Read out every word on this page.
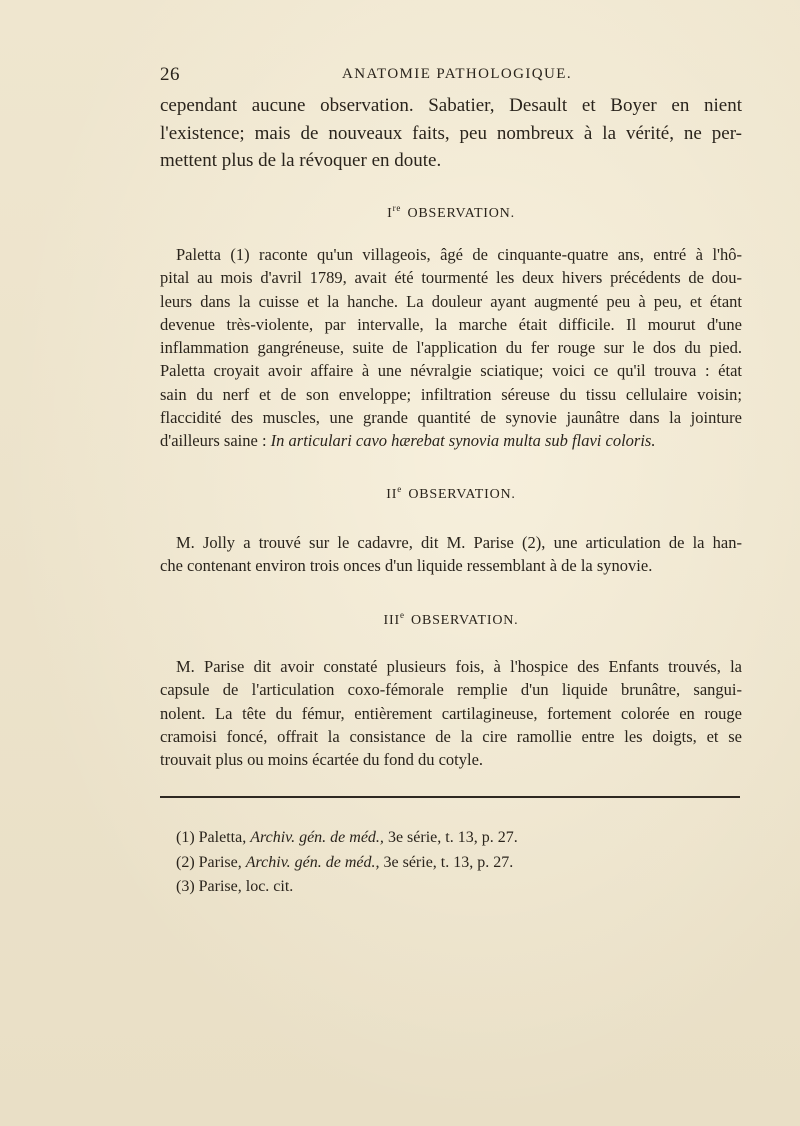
26	ANATOMIE PATHOLOGIQUE.
cependant aucune observation. Sabatier, Desault et Boyer en nient
l'existence; mais de nouveaux faits, peu nombreux à la vérité, ne per-
mettent plus de la révoquer en doute.
Ire OBSERVATION.
Paletta (1) raconte qu'un villageois, âgé de cinquante-quatre ans, entré à l'hô-
pital au mois d'avril 1789, avait été tourmenté les deux hivers précédents de dou-
leurs dans la cuisse et la hanche. La douleur ayant augmenté peu à peu, et étant
devenue très-violente, par intervalle, la marche était difficile. Il mourut d'une
inflammation gangréneuse, suite de l'application du fer rouge sur le dos du pied.
Paletta croyait avoir affaire à une névralgie sciatique; voici ce qu'il trouva : état
sain du nerf et de son enveloppe; infiltration séreuse du tissu cellulaire voisin;
flaccidité des muscles, une grande quantité de synovie jaunâtre dans la jointure
d'ailleurs saine : In articulari cavo hærebat synovia multa sub flavi coloris.
IIe OBSERVATION.
M. Jolly a trouvé sur le cadavre, dit M. Parise (2), une articulation de la han-
che contenant environ trois onces d'un liquide ressemblant à de la synovie.
IIIe OBSERVATION.
M. Parise dit avoir constaté plusieurs fois, à l'hospice des Enfants trouvés, la
capsule de l'articulation coxo-fémorale remplie d'un liquide brunâtre, sangui-
nolent. La tête du fémur, entièrement cartilagineuse, fortement colorée en rouge
cramoisi foncé, offrait la consistance de la cire ramollie entre les doigts, et se
trouvait plus ou moins écartée du fond du cotyle.
(1) Paletta, Archiv. gén. de méd., 3e série, t. 13, p. 27.
(2) Parise, Archiv. gén. de méd., 3e série, t. 13, p. 27.
(3) Parise, loc. cit.
